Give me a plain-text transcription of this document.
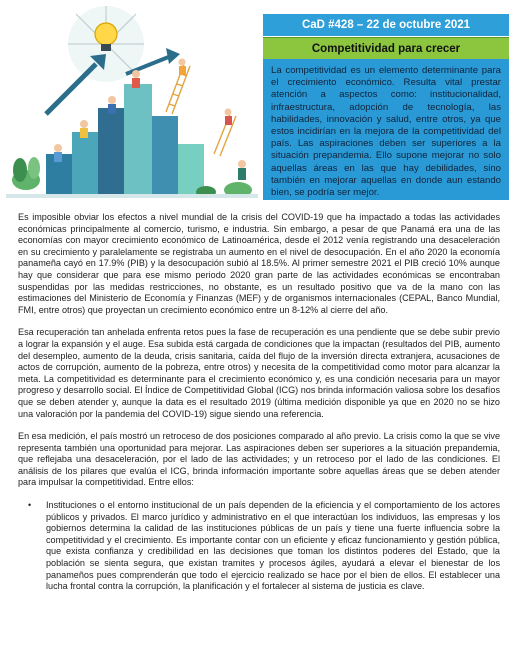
CaD #428 – 22 de octubre 2021
Competitividad para crecer
La competitividad es un elemento determinante para el crecimiento económico. Resulta vital prestar atención a aspectos como: institucionalidad, infraestructura, adopción de tecnología, las habilidades, innovación y salud, entre otros, ya que estos incidirían en la mejora de la competitividad del país. Las aspiraciones deben ser superiores a la situación prepandemia. Ello supone mejorar no solo aquellas áreas en las que hay debilidades, sino también en mejorar aquellas en donde aun estando bien, se podría ser mejor.

Es imposible obviar los efectos a nivel mundial de la crisis del COVID-19 que ha impactado a todas las actividades económicas principalmente al comercio, turismo, e industria. Sin embargo, a pesar de que Panamá era una de las economías con mayor crecimiento económico de Latinoamérica, desde el 2012 venía registrando una desaceleración en su crecimiento y paralelamente se registraba un aumento en el nivel de desocupación. En el año 2020 la economía panameña cayó en 17.9% (PIB) y la desocupación subió al 18.5%. Al primer semestre 2021 el PIB creció 10% aunque hay que considerar que para ese mismo periodo 2020 gran parte de las actividades económicas se encontraban suspendidas por las medidas restricciones, no obstante, es un resultado positivo que va de la mano con las estimaciones del Ministerio de Economía y Finanzas (MEF) y de organismos internacionales (CEPAL, Banco Mundial, FMI, entre otros) que proyectan un crecimiento económico entre un 8-12% al cierre del año.

Esa recuperación tan anhelada enfrenta retos pues la fase de recuperación es una pendiente que se debe subir previo a lograr la expansión y el auge. Esa subida está cargada de condiciones que la impactan (resultados del PIB, aumento del desempleo, aumento de la deuda, crisis sanitaria, caída del flujo de la inversión directa extranjera, acusaciones de actos de corrupción, aumento de la pobreza, entre otros) y necesita de la competitividad como motor para alcanzar la meta. La competitividad es determinante para el crecimiento económico y, es una condición necesaria para un mayor progreso y desarrollo social. El Índice de Competitividad Global (ICG) nos brinda información valiosa sobre los desafíos que se deben atender y, aunque la data es el resultado 2019 (última medición disponible ya que en 2020 no se hizo una valoración por la pandemia del COVID-19) sigue siendo una referencia.

En esa medición, el país mostró un retroceso de dos posiciones comparado al año previo. La crisis como la que se vive representa también una oportunidad para mejorar. Las aspiraciones deben ser superiores a la situación prepandemia, que reflejaba una desaceleración, por el lado de las actividades; y un retroceso por el lado de las condiciones. El análisis de los pilares que evalúa el ICG, brinda información importante sobre aquellas áreas que se deben atender para impulsar la competitividad. Entre ellos:

•	Instituciones o el entorno institucional de un país dependen de la eficiencia y el comportamiento de los actores públicos y privados. El marco jurídico y administrativo en el que interactúan los individuos, las empresas y los gobiernos determina la calidad de las instituciones públicas de un país y tiene una fuerte influencia sobre la competitividad y el crecimiento. Es importante contar con un eficiente y eficaz funcionamiento y gestión pública, que exista confianza y credibilidad en las decisiones que toman los distintos poderes del Estado, que la población se sienta segura, que existan tramites y procesos ágiles, ayudará a elevar el bienestar de los panameños pues comprenderán que todo el ejercicio realizado se hace por el bien de ellos. El establecer una lucha frontal contra la corrupción, la planificación y el fortalecer al sistema de justicia es clave.
